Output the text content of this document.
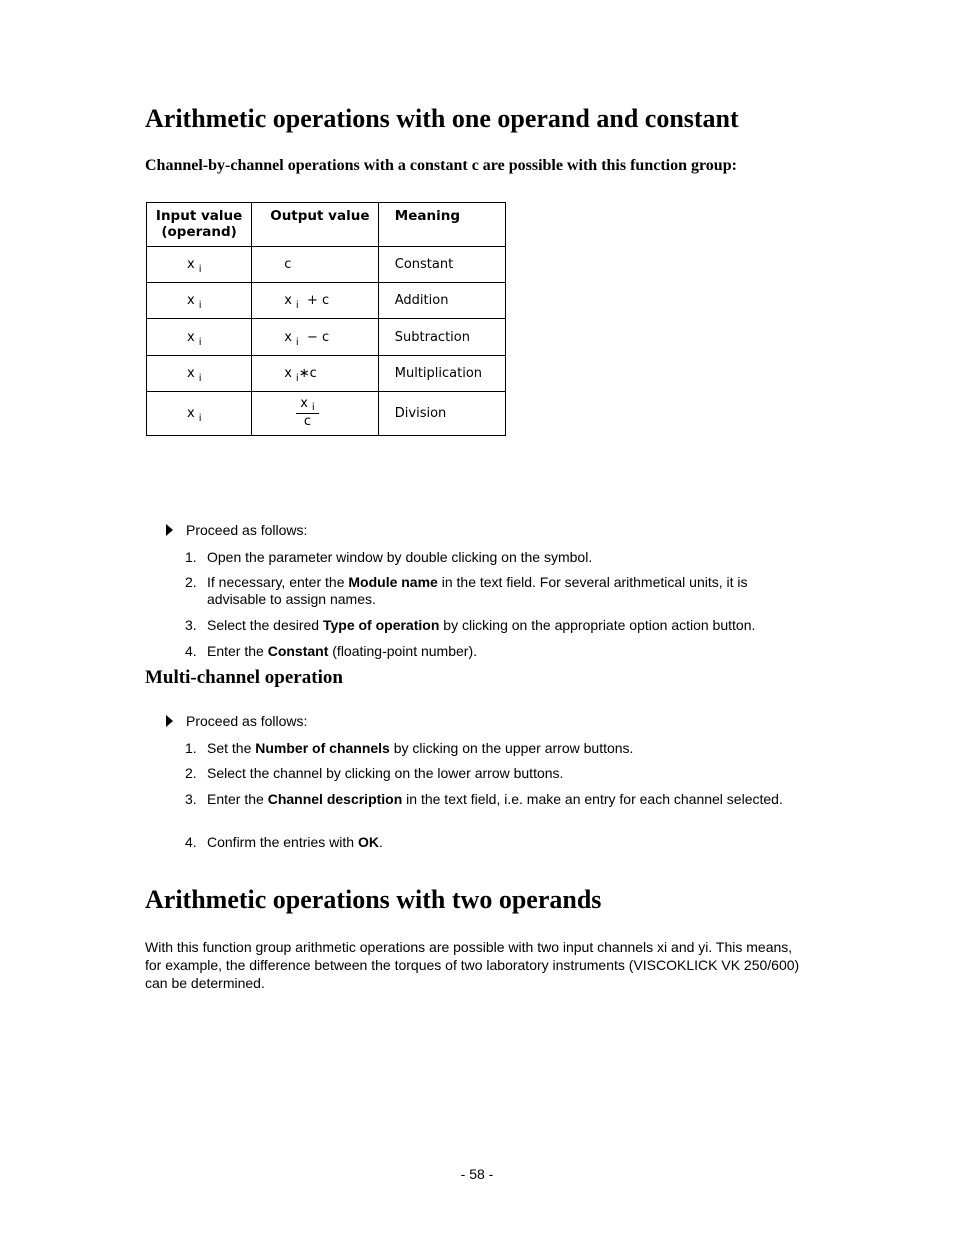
Arithmetic operations with one operand and constant

Channel-by-channel operations with a constant c are possible with this function group:

Input value
(operand)	Output value	Meaning
x $_i$	c	Constant
x $_i$	x $_i$ + c	Addition
x $_i$	x $_i$ − c	Subtraction
x $_i$	x $_i$∗c	Multiplication
x $_i$	$\frac{x _i}{c}$	Division
Proceed as follows:
1. Open the parameter window by double clicking on the symbol.
2. If necessary, enter the Module name in the text field. For several arithmetical units, it is advisable to assign names.
3. Select the desired Type of operation by clicking on the appropriate option action button.
4. Enter the Constant (floating-point number).
Multi-channel operation
Proceed as follows:
1. Set the Number of channels by clicking on the upper arrow buttons.
2. Select the channel by clicking on the lower arrow buttons.
3. Enter the Channel description in the text field, i.e. make an entry for each channel selected.
4. Confirm the entries with OK.
Arithmetic operations with two operands

With this function group arithmetic operations are possible with two input channels xi and yi. This means, for example, the difference between the torques of two laboratory instruments (VISCOKLICK VK 250/600) can be determined.

- 58 -
